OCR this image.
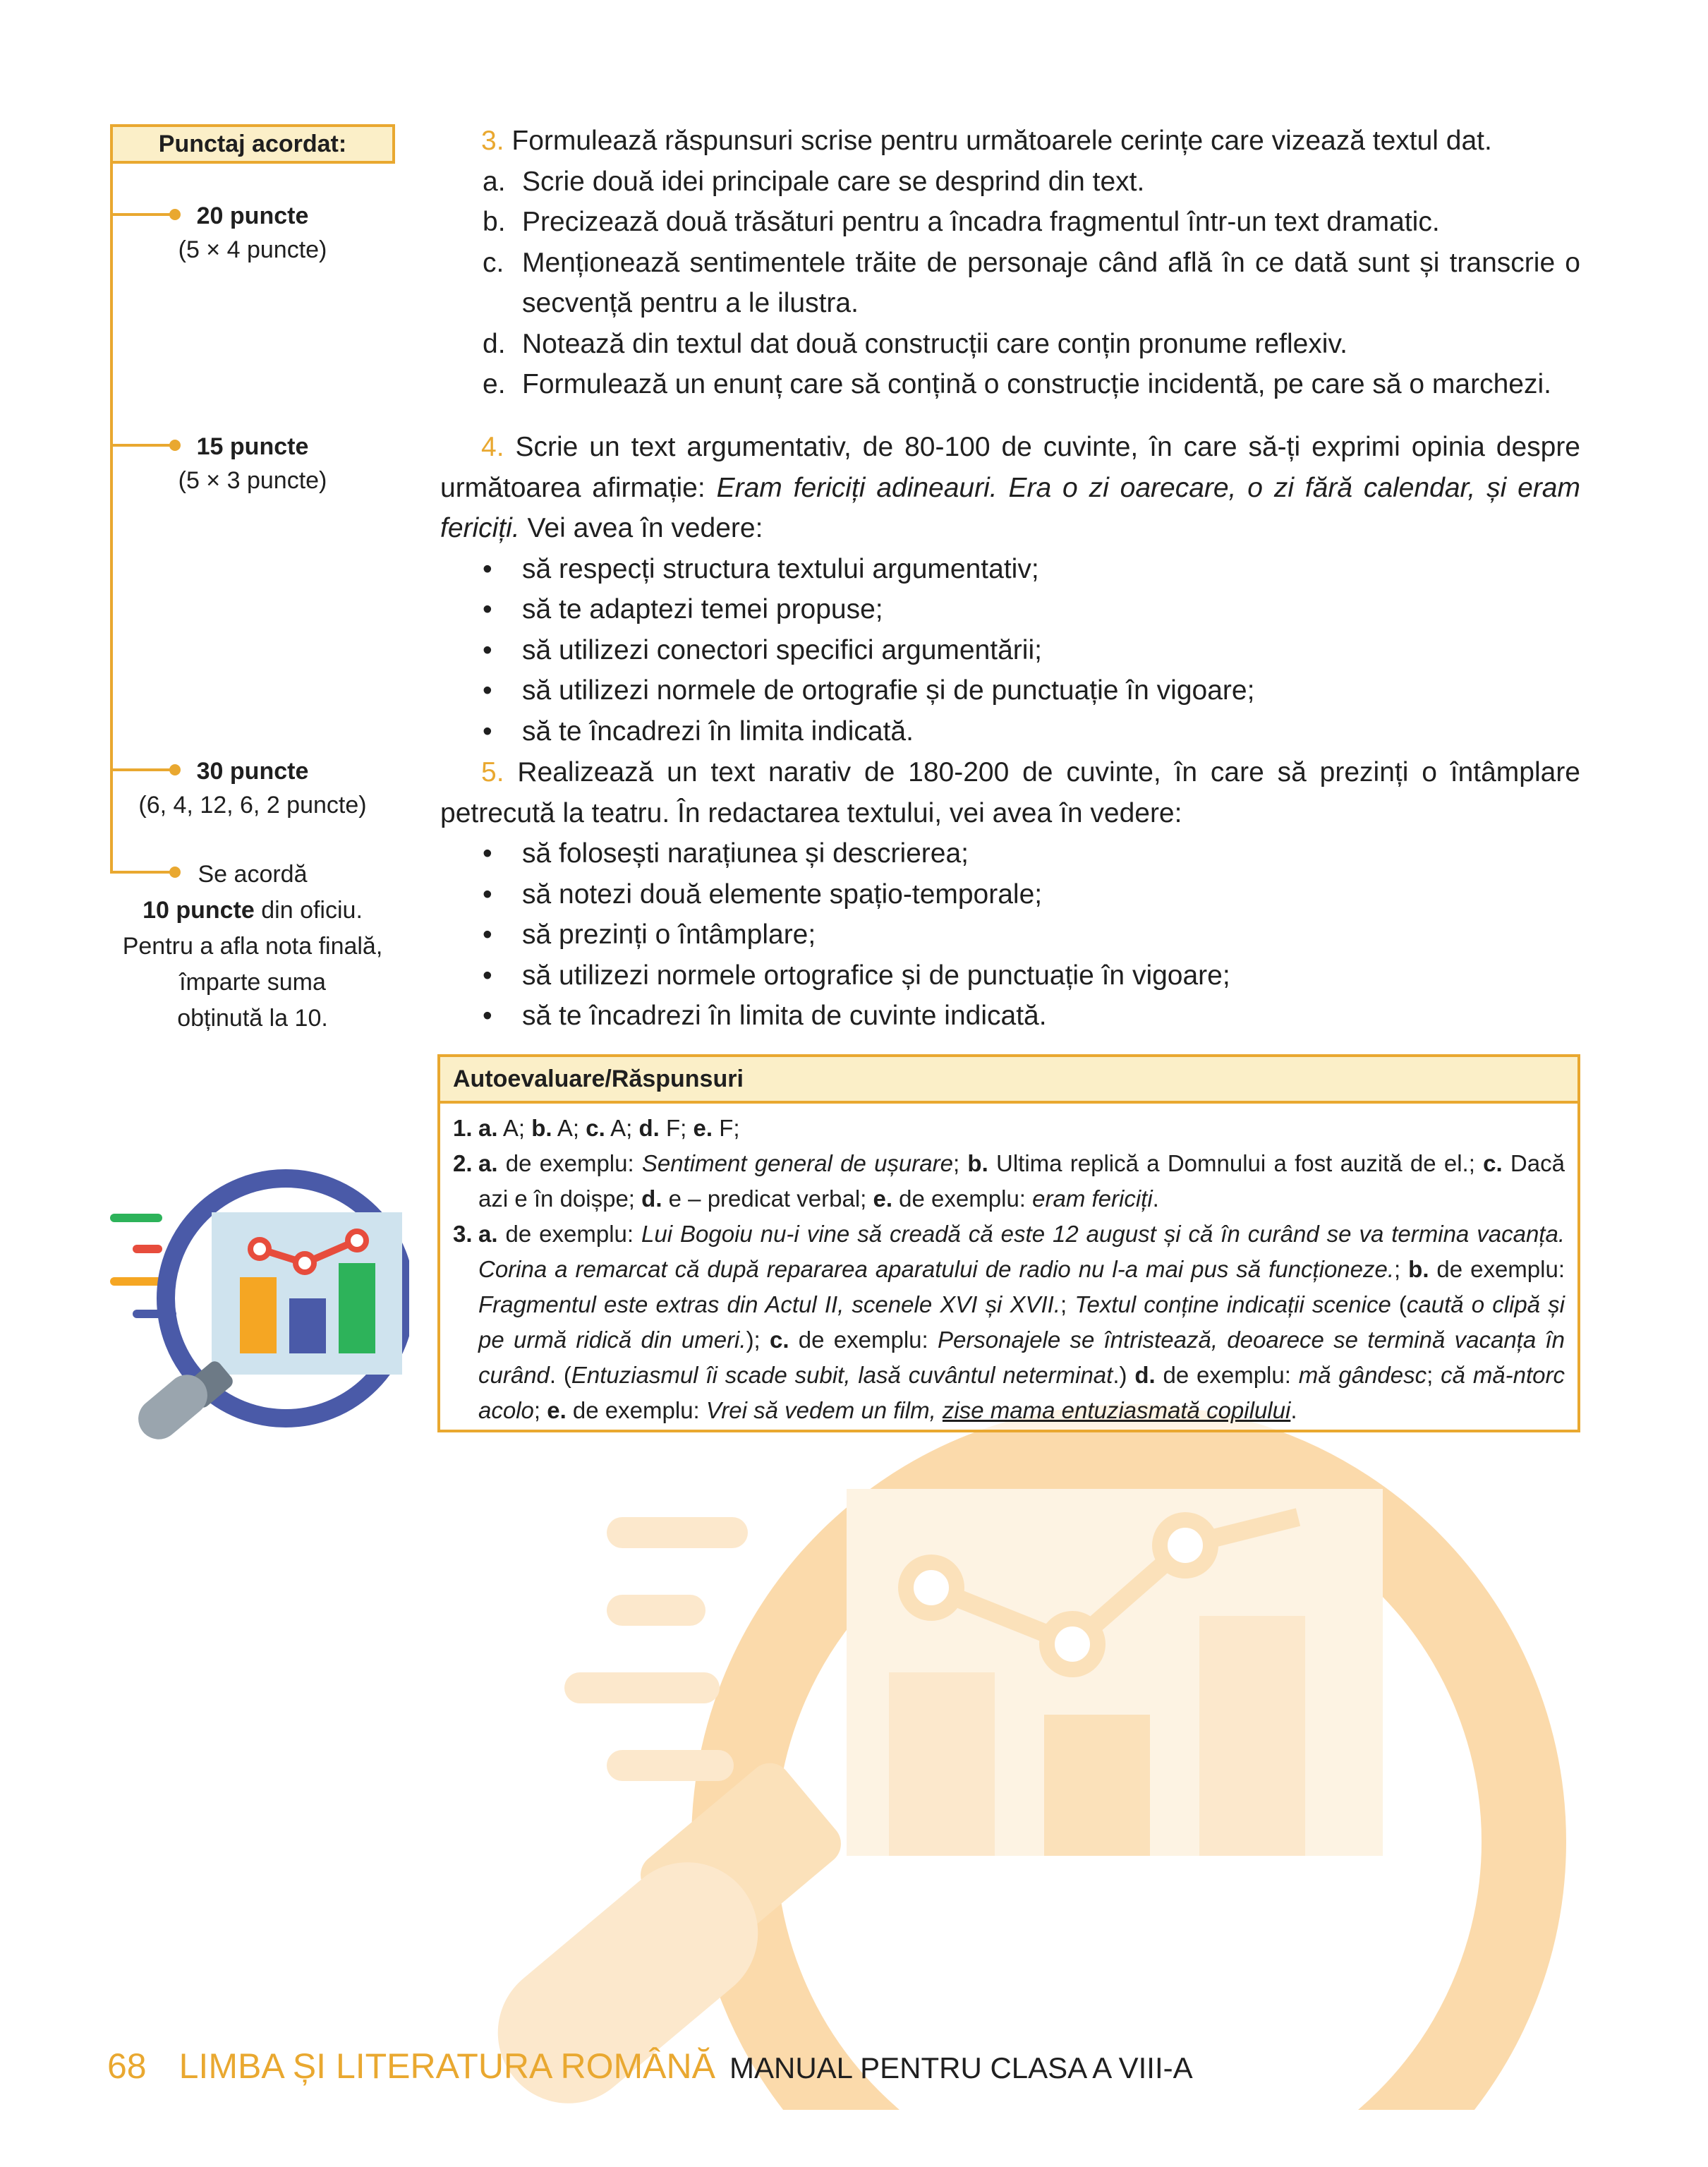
Punctaj acordat:
20 puncte
(5 × 4 puncte)
15 puncte
(5 × 3 puncte)
30 puncte
(6, 4, 12, 6, 2 puncte)
Se acordă
10 puncte din oficiu.
Pentru a afla nota finală,
împarte suma
obținută la 10.

3. Formulează răspunsuri scrise pentru următoarele cerințe care vizează textul dat.

a. Scrie două idei principale care se desprind din text.
b. Precizează două trăsături pentru a încadra fragmentul într-un text dramatic.
c. Menționează sentimentele trăite de personaje când află în ce dată sunt și transcrie o secvență pentru a le ilustra.
d. Notează din textul dat două construcții care conțin pronume reflexiv.
e. Formulează un enunț care să conțină o construcție incidentă, pe care să o marchezi.

4. Scrie un text argumentativ, de 80-100 de cuvinte, în care să-ți exprimi opinia despre următoarea afirmație: Eram fericiți adineauri. Era o zi oarecare, o zi fără calendar, și eram fericiți. Vei avea în vedere:

• să respecți structura textului argumentativ;
• să te adaptezi temei propuse;
• să utilizezi conectori specifici argumentării;
• să utilizezi normele de ortografie și de punctuație în vigoare;
• să te încadrezi în limita indicată.

5. Realizează un text narativ de 180-200 de cuvinte, în care să prezinți o întâmplare petrecută la teatru. În redactarea textului, vei avea în vedere:

• să folosești narațiunea și descrierea;
• să notezi două elemente spațio-temporale;
• să prezinți o întâmplare;
• să utilizezi normele ortografice și de punctuație în vigoare;
• să te încadrezi în limita de cuvinte indicată.
Autoevaluare/Răspunsuri

1. a. A; b. A; c. A; d. F; e. F;

2. a. de exemplu: Sentiment general de ușurare; b. Ultima replică a Domnului a fost auzită de el.; c. Dacă azi e în doișpe; d. e – predicat verbal; e. de exemplu: eram fericiți.

3. a. de exemplu: Lui Bogoiu nu-i vine să creadă că este 12 august și că în curând se va termina vacanța. Corina a remarcat că după repararea aparatului de radio nu l-a mai pus să funcționeze.; b. de exemplu: Fragmentul este extras din Actul II, scenele XVI și XVII.; Textul conține indicații scenice (caută o clipă și pe urmă ridică din umeri.); c. de exemplu: Personajele se întristează, deoarece se termină vacanța în curând. (Entuziasmul îi scade subit, lasă cuvântul neterminat.) d. de exemplu: mă gândesc; că mă-ntorc acolo; e. de exemplu: Vrei să vedem un film, zise mama entuziasmată copilului.

68 LIMBA ȘI LITERATURA ROMÂNĂ MANUAL PENTRU CLASA A VIII-A
